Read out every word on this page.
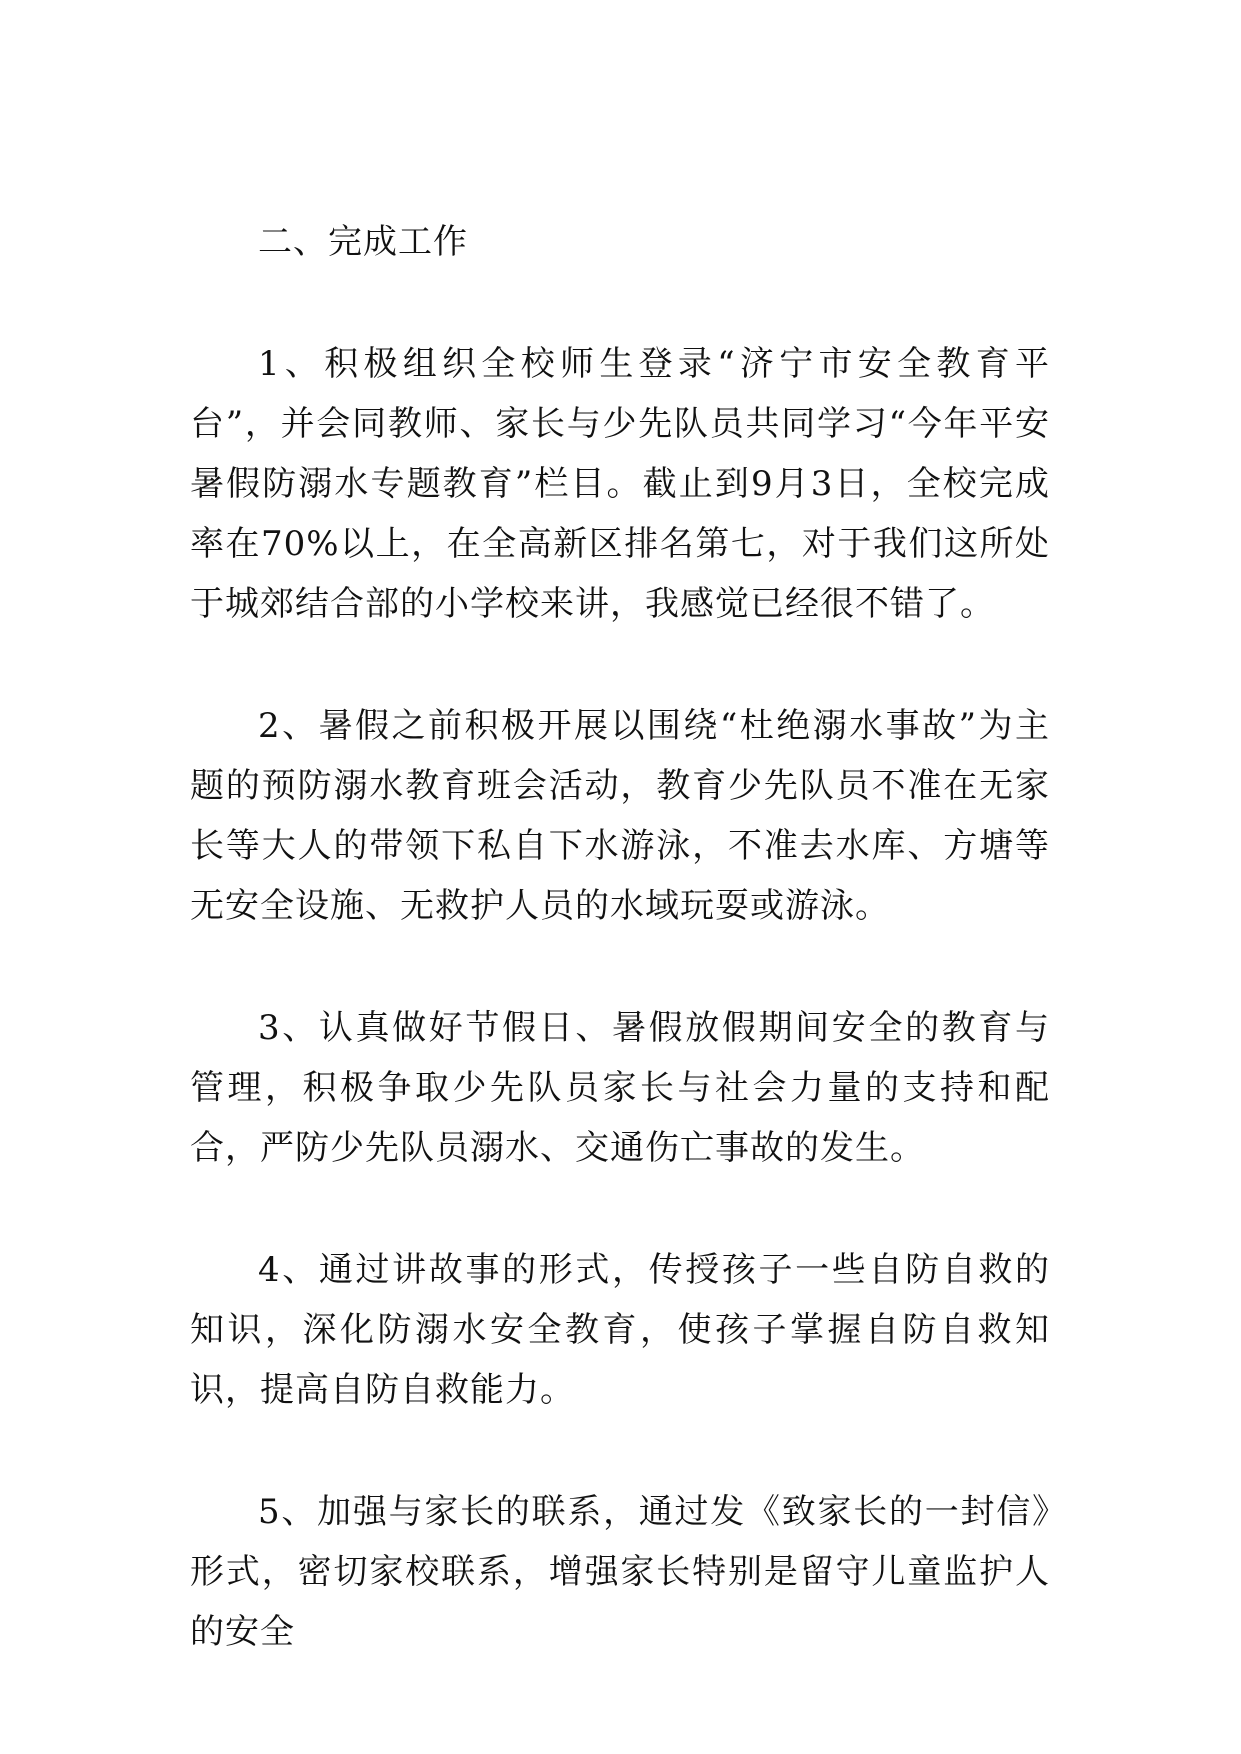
二、完成工作

1、积极组织全校师生登录“济宁市安全教育平台”，并会同教师、家长与少先队员共同学习“今年平安暑假防溺水专题教育”栏目。截止到9月3日，全校完成率在70%以上，在全高新区排名第七，对于我们这所处于城郊结合部的小学校来讲，我感觉已经很不错了。

2、暑假之前积极开展以围绕“杜绝溺水事故”为主题的预防溺水教育班会活动，教育少先队员不准在无家长等大人的带领下私自下水游泳，不准去水库、方塘等无安全设施、无救护人员的水域玩耍或游泳。

3、认真做好节假日、暑假放假期间安全的教育与管理，积极争取少先队员家长与社会力量的支持和配合，严防少先队员溺水、交通伤亡事故的发生。

4、通过讲故事的形式，传授孩子一些自防自救的知识，深化防溺水安全教育，使孩子掌握自防自救知识，提高自防自救能力。

5、加强与家长的联系，通过发《致家长的一封信》形式，密切家校联系，增强家长特别是留守儿童监护人的安全
